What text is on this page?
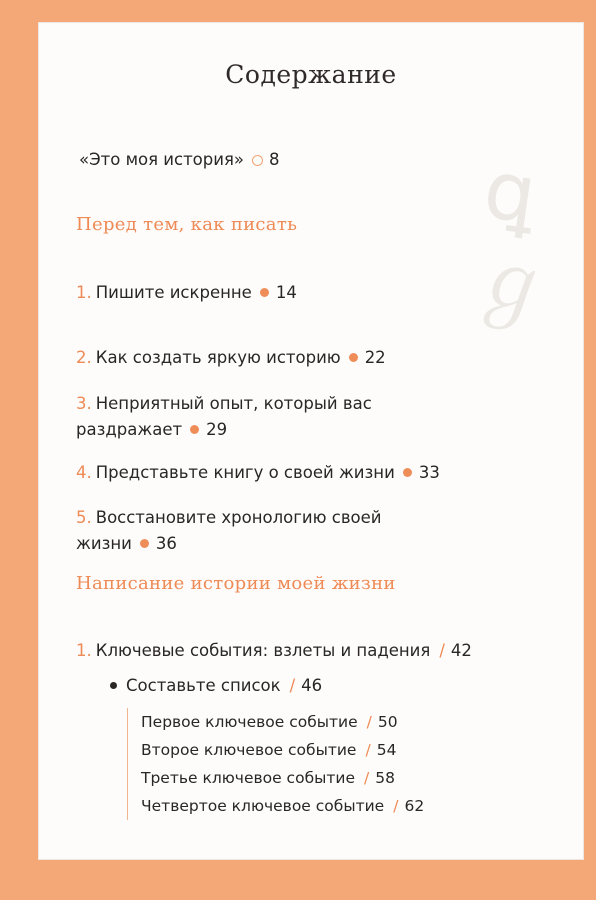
ꝗ
ℊ
Содержание
«Это моя история» 8
Перед тем, как писать
1. Пишите искренне 14
2. Как создать яркую историю 22
3. Неприятный опыт, который вас
раздражает 29
4. Представьте книгу о своей жизни 33
5. Восстановите хронологию своей
жизни 36
Написание истории моей жизни
1. Ключевые события: взлеты и падения / 42
Составьте список / 46
Первое ключевое событие / 50
Второе ключевое событие / 54
Третье ключевое событие / 58
Четвертое ключевое событие / 62
